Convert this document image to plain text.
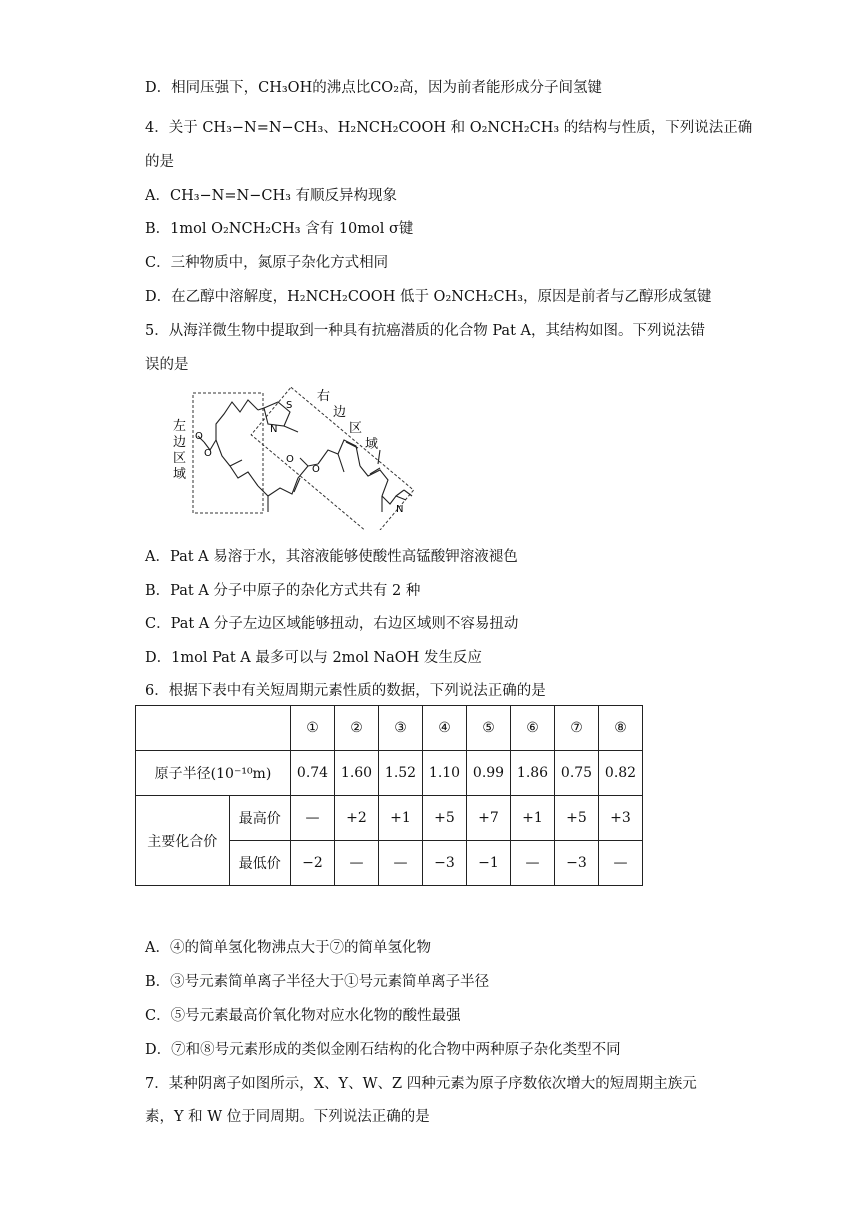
D．相同压强下，CH₃OH的沸点比CO₂高，因为前者能形成分子间氢键
4．关于 CH₃−N=N−CH₃、H₂NCH₂COOH 和 O₂NCH₂CH₃ 的结构与性质，下列说法正确
的是
A．CH₃−N=N−CH₃ 有顺反异构现象
B．1mol O₂NCH₂CH₃ 含有 10mol σ键
C．三种物质中，氮原子杂化方式相同
D．在乙醇中溶解度，H₂NCH₂COOH 低于 O₂NCH₂CH₃，原因是前者与乙醇形成氢键
5．从海洋微生物中提取到一种具有抗癌潜质的化合物 Pat A，其结构如图。下列说法错
误的是
左
边
区
域
右
边
区
域
N
S
O
O
O
O
N
A．Pat A 易溶于水，其溶液能够使酸性高锰酸钾溶液褪色
B．Pat A 分子中原子的杂化方式共有 2 种
C．Pat A 分子左边区域能够扭动，右边区域则不容易扭动
D．1mol Pat A 最多可以与 2mol NaOH 发生反应
6．根据下表中有关短周期元素性质的数据，下列说法正确的是
		①	②	③	④	⑤	⑥	⑦	⑧
原子半径(10⁻¹⁰m)		0.74	1.60	1.52	1.10	0.99	1.86	0.75	0.82
主要化合价	最高价	—	+2	+1	+5	+7	+1	+5	+3
	最低价	−2	—	—	−3	−1	—	−3	—
A．④的简单氢化物沸点大于⑦的简单氢化物
B．③号元素简单离子半径大于①号元素简单离子半径
C．⑤号元素最高价氧化物对应水化物的酸性最强
D．⑦和⑧号元素形成的类似金刚石结构的化合物中两种原子杂化类型不同
7．某种阴离子如图所示，X、Y、W、Z 四种元素为原子序数依次增大的短周期主族元
素，Y 和 W 位于同周期。下列说法正确的是
